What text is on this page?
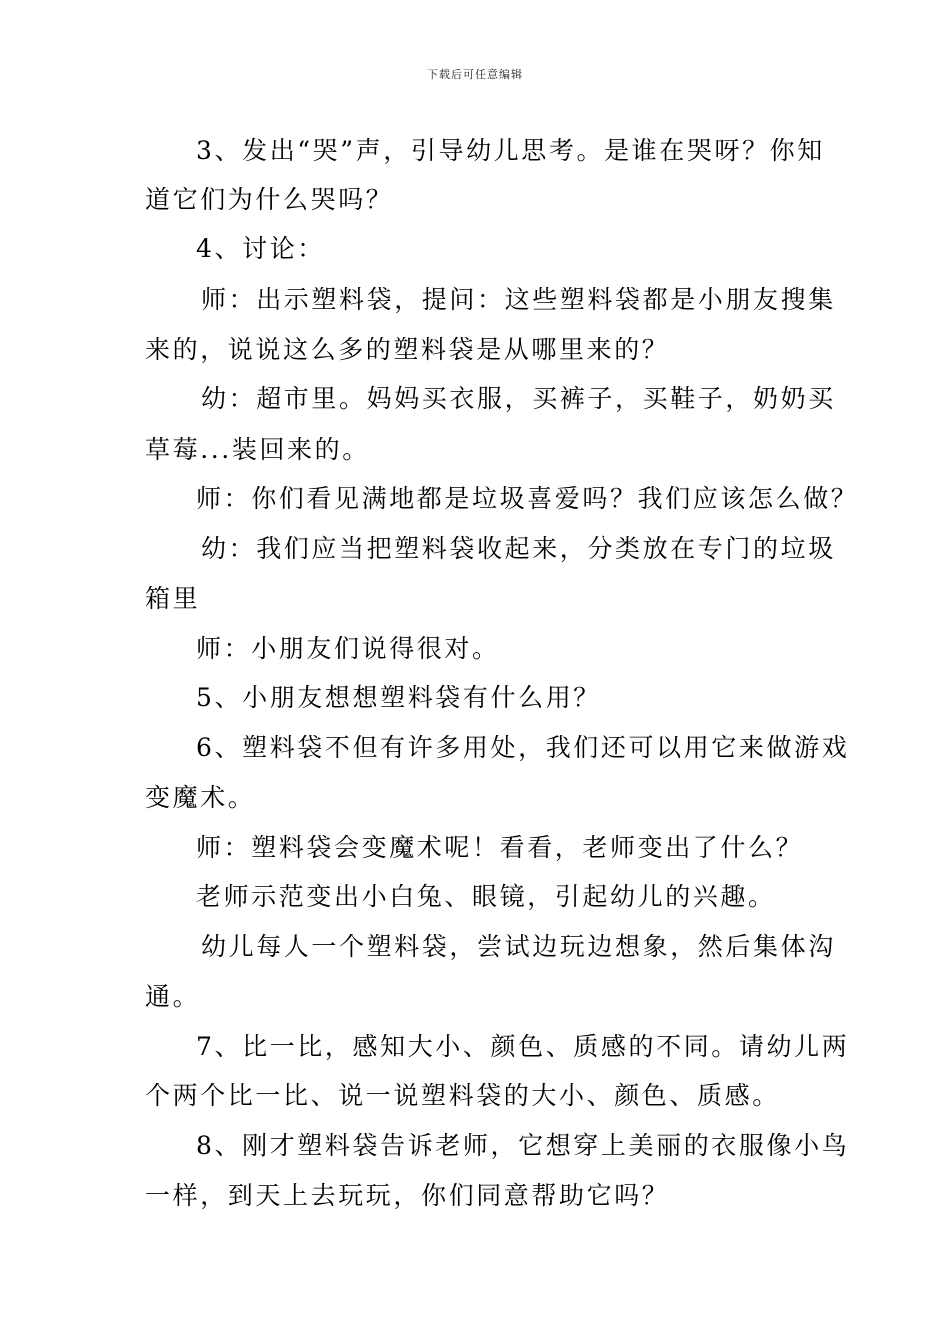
下载后可任意编辑
3、发出“哭”声，引导幼儿思考。是谁在哭呀？你知
道它们为什么哭吗？
4、讨论：
师：出示塑料袋，提问：这些塑料袋都是小朋友搜集
来的，说说这么多的塑料袋是从哪里来的？
幼：超市里。妈妈买衣服，买裤子，买鞋子，奶奶买
草莓...装回来的。
师：你们看见满地都是垃圾喜爱吗？我们应该怎么做？
幼：我们应当把塑料袋收起来，分类放在专门的垃圾
箱里
师：小朋友们说得很对。
5、小朋友想想塑料袋有什么用？
6、塑料袋不但有许多用处，我们还可以用它来做游戏
变魔术。
师：塑料袋会变魔术呢！看看，老师变出了什么？
老师示范变出小白兔、眼镜，引起幼儿的兴趣。
幼儿每人一个塑料袋，尝试边玩边想象，然后集体沟
通。
7、比一比，感知大小、颜色、质感的不同。请幼儿两
个两个比一比、说一说塑料袋的大小、颜色、质感。
8、刚才塑料袋告诉老师，它想穿上美丽的衣服像小鸟
一样，到天上去玩玩，你们同意帮助它吗？
